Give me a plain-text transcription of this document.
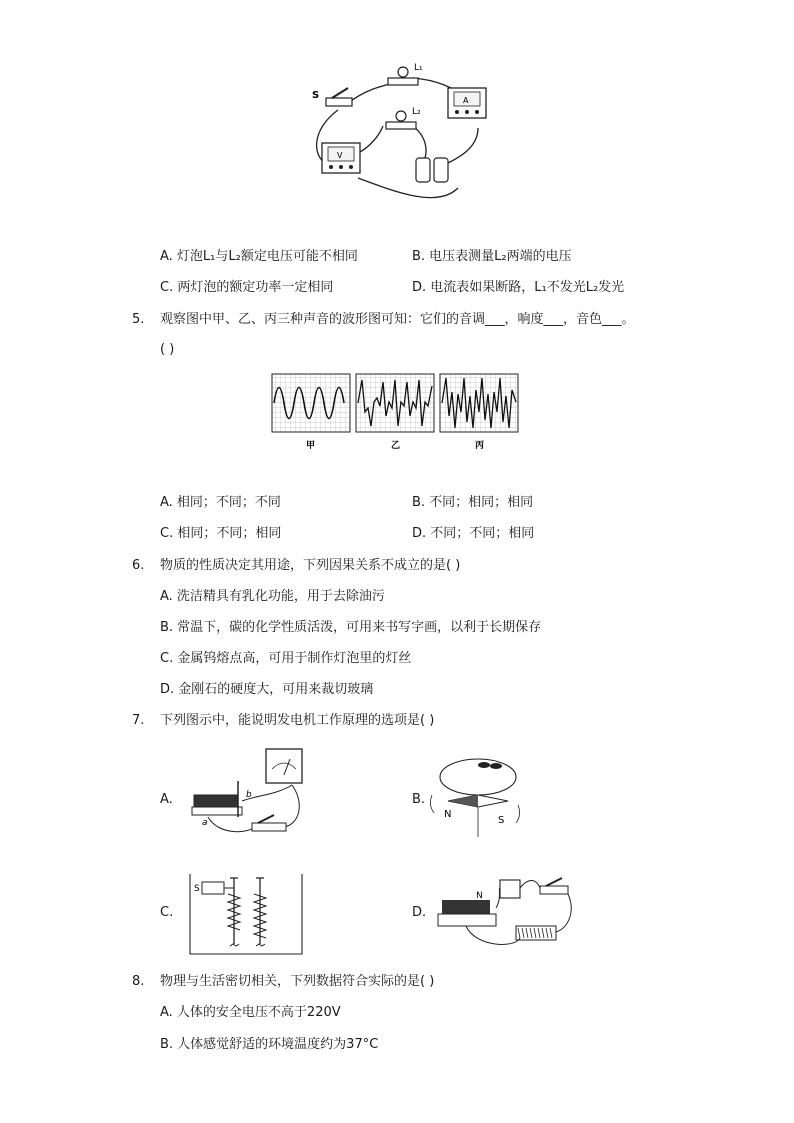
S
L₁
L₂
A
V
A. 灯泡L₁与L₂额定电压可能不相同	B. 电压表测量L₂两端的电压
C. 两灯泡的额定功率一定相同	D. 电流表如果断路，L₁不发光L₂发光
5. 观察图中甲、乙、丙三种声音的波形图可知：它们的音调___，响度___，音色___。
( )
甲	乙	丙
A. 相同；不同；不同	B. 不同；相同；相同
C. 相同；不同；相同	D. 不同；不同；相同
6. 物质的性质决定其用途，下列因果关系不成立的是( )
A. 洗洁精具有乳化功能，用于去除油污
B. 常温下，碳的化学性质活泼，可用来书写字画，以利于长期保存
C. 金属钨熔点高，可用于制作灯泡里的灯丝
D. 金刚石的硬度大，可用来裁切玻璃
7. 下列图示中，能说明发电机工作原理的选项是( )
A.
a
b	B.
N
S
C.
S
D.
N
8. 物理与生活密切相关，下列数据符合实际的是( )
A. 人体的安全电压不高于220V
B. 人体感觉舒适的环境温度约为37°C
